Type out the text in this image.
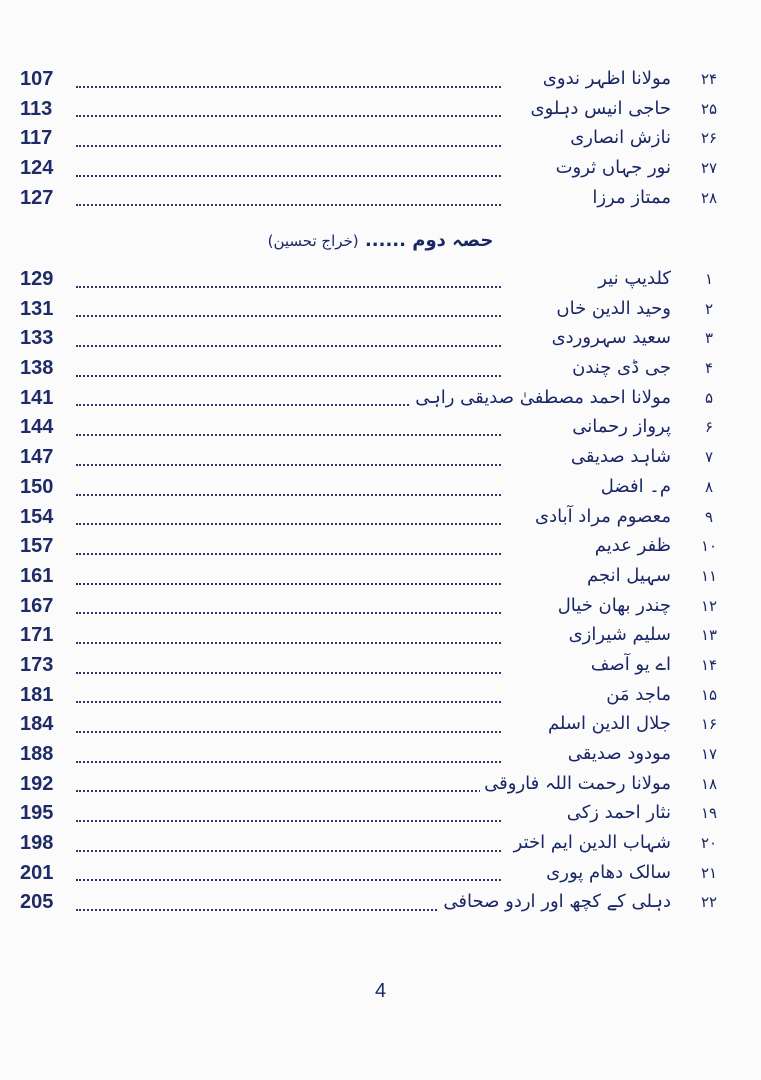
107	مولانا اظہر ندوی	۲۴
113	حاجی انیس دہلوی	۲۵
117	نازش انصاری	۲۶
124	نور جہاں ثروت	۲۷
127	ممتاز مرزا	۲۸
حصہ دوم ...... (خراج تحسین)
129	کلدیپ نیر	۱
131	وحید الدین خاں	۲
133	سعید سہروردی	۳
138	جی ڈی چندن	۴
141	مولانا احمد مصطفیٰ صدیقی راہی	۵
144	پرواز رحمانی	۶
147	شاہد صدیقی	۷
150	م۔ افضل	۸
154	معصوم مراد آبادی	۹
157	ظفر عدیم	۱۰
161	سہیل انجم	۱۱
167	چندر بھان خیال	۱۲
171	سلیم شیرازی	۱۳
173	اے یو آصف	۱۴
181	ماجد مَن	۱۵
184	جلال الدین اسلم	۱۶
188	مودود صدیقی	۱۷
192	مولانا رحمت اللہ فاروقی	۱۸
195	نثار احمد زکی	۱۹
198	شہاب الدین ایم اختر	۲۰
201	سالک دھام پوری	۲۱
205	دہلی کے کچھ اور اردو صحافی	۲۲
4
